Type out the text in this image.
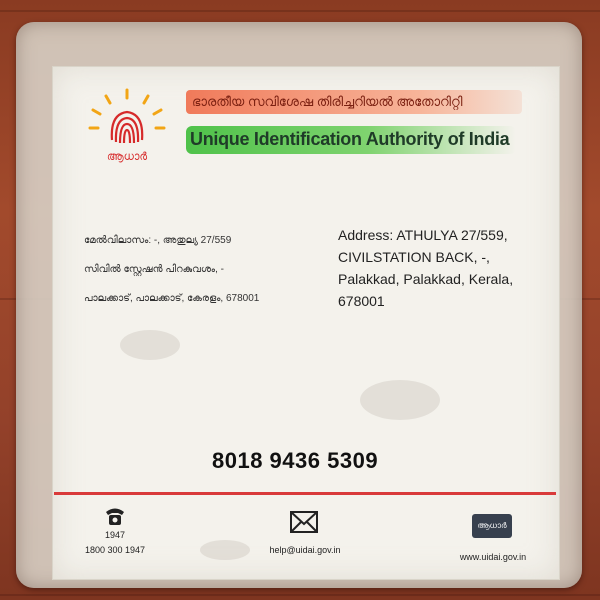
ആധാർ
ഭാരതീയ സവിശേഷ തിരിച്ചറിയൽ അതോറിറ്റി
Unique Identification Authority of India
മേൽവിലാസം: -, അതുല്യ 27/559
സിവിൽ സ്റ്റേഷൻ പിറകുവശം, -
പാലക്കാട്, പാലക്കാട്, കേരളം, 678001
Address: ATHULYA 27/559,
CIVILSTATION BACK, -,
Palakkad, Palakkad, Kerala,
678001
8018 9436 5309
1947
1800 300 1947	help@uidai.gov.in
ആധാർ
www.uidai.gov.in
